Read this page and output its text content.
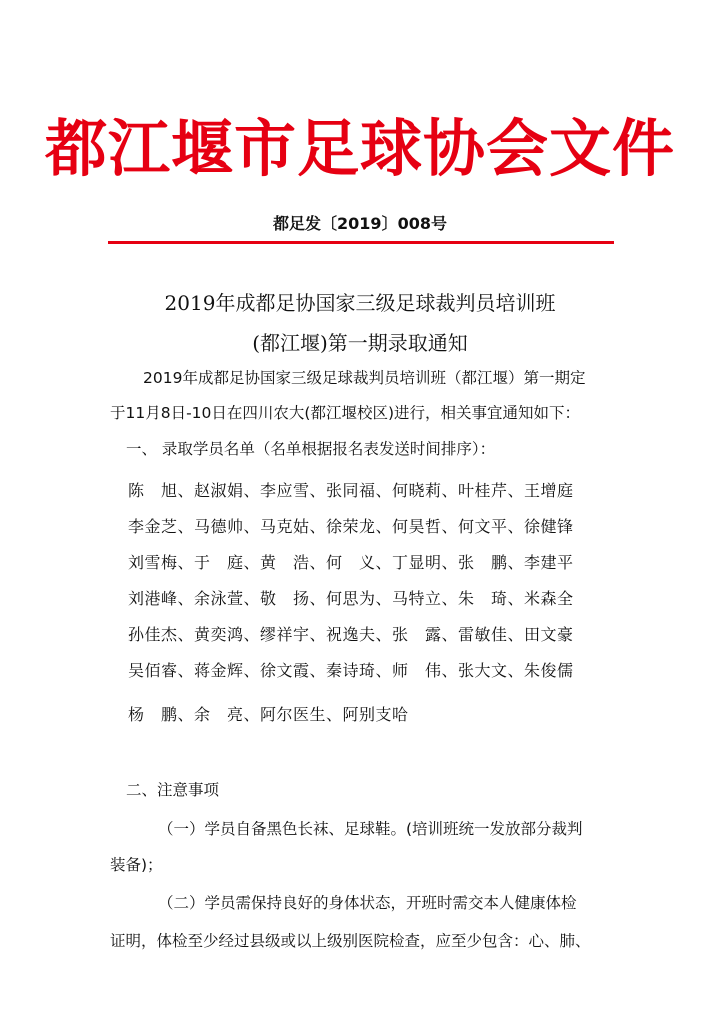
都江堰市足球协会文件
都足发〔2019〕008号
2019年成都足协国家三级足球裁判员培训班
(都江堰)第一期录取通知
2019年成都足协国家三级足球裁判员培训班（都江堰）第一期定
于11月8日-10日在四川农大(都江堰校区)进行，相关事宜通知如下：
一、 录取学员名单（名单根据报名表发送时间排序）：
陈　旭、赵淑娟、李应雪、张同福、何晓莉、叶桂芹、王增庭
李金芝、马德帅、马克姑、徐荣龙、何昊哲、何文平、徐健锋
刘雪梅、于　庭、黄　浩、何　义、丁显明、张　鹏、李建平
刘港峰、余泳萱、敬　扬、何思为、马特立、朱　琦、米森全
孙佳杰、黄奕鸿、缪祥宇、祝逸夫、张　露、雷敏佳、田文豪
吴佰睿、蒋金辉、徐文霞、秦诗琦、师　伟、张大文、朱俊儒
杨　鹏、余　亮、阿尔医生、阿别支哈
二、注意事项
（一）学员自备黑色长袜、足球鞋。(培训班统一发放部分裁判
装备)；
（二）学员需保持良好的身体状态，开班时需交本人健康体检
证明，体检至少经过县级或以上级别医院检查，应至少包含：心、肺、
